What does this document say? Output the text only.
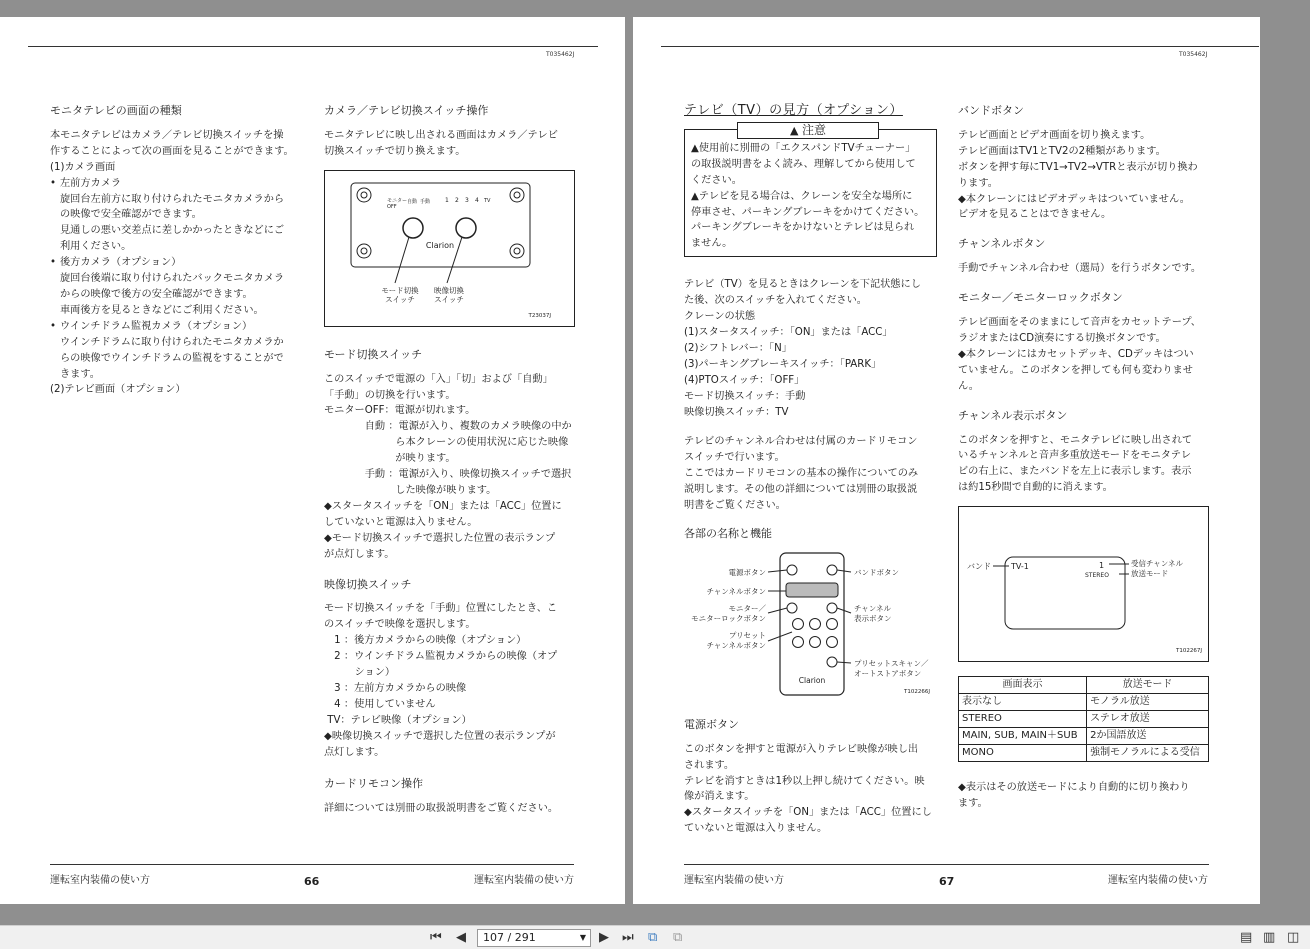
T035462J
モニタテレビの画面の種類

本モニタテレビはカメラ／テレビ切換スイッチを操

作することによって次の画面を見ることができます。

(1)カメラ画面

• 左前方カメラ

旋回台左前方に取り付けられたモニタカメラから

の映像で安全確認ができます。

見通しの悪い交差点に差しかかったときなどにご

利用ください。

• 後方カメラ（オプション）

旋回台後端に取り付けられたバックモニタカメラ

からの映像で後方の安全確認ができます。

車両後方を見るときなどにご利用ください。

• ウインチドラム監視カメラ（オプション）

ウインチドラムに取り付けられたモニタカメラか

らの映像でウインチドラムの監視をすることがで

きます。

(2)テレビ画面（オプション）

カメラ／テレビ切換スイッチ操作

モニタテレビに映し出される画面はカメラ／テレビ

切換スイッチで切り換えます。

モニター
OFF
自動 手動 1 2 3 4 TV
Clarion
モード切換
スイッチ
映像切換
スイッチ
T23037J
モード切換スイッチ

このスイッチで電源の「入」「切」および「自動」

「手動」の切換を行います。

モニターOFF：電源が切れます。

　　　　自動 ：電源が入り、複数のカメラ映像の中か

　　　　　　　ら本クレーンの使用状況に応じた映像

　　　　　　　が映ります。

　　　　手動 ：電源が入り、映像切換スイッチで選択

　　　　　　　した映像が映ります。

◆スタータスイッチを「ON」または「ACC」位置に

していないと電源は入りません。

◆モード切換スイッチで選択した位置の表示ランプ

が点灯します。

映像切換スイッチ

モード切換スイッチを「手動」位置にしたとき、こ

のスイッチで映像を選択します。

　1 ：後方カメラからの映像（オプション）

　2 ：ウインチドラム監視カメラからの映像（オプ

　　　ション）

　3 ：左前方カメラからの映像

　4 ：使用していません

TV：テレビ映像（オプション）

◆映像切換スイッチで選択した位置の表示ランプが

点灯します。

カードリモコン操作

詳細については別冊の取扱説明書をご覧ください。

運転室内装備の使い方	66	運転室内装備の使い方
T035462J
テレビ（TV）の見方（オプション）
▲ 注意

▲使用前に別冊の「エクスパンドTVチューナー」

の取扱説明書をよく読み、理解してから使用して

ください。

▲テレビを見る場合は、クレーンを安全な場所に

停車させ、パーキングブレーキをかけてください。

パーキングブレーキをかけないとテレビは見られ

ません。

テレビ（TV）を見るときはクレーンを下記状態にし

た後、次のスイッチを入れてください。

クレーンの状態

(1)スタータスイッチ：「ON」または「ACC」

(2)シフトレバー：「N」

(3)パーキングブレーキスイッチ：「PARK」

(4)PTOスイッチ：「OFF」

モード切換スイッチ：手動

映像切換スイッチ：TV

テレビのチャンネル合わせは付属のカードリモコン

スイッチで行います。

ここではカードリモコンの基本の操作についてのみ

説明します。その他の詳細については別冊の取扱説

明書をご覧ください。

各部の名称と機能
Clarion
電源ボタン
チャンネルボタン
モニター／
モニターロックボタン
プリセット
チャンネルボタン
バンドボタン
チャンネル
表示ボタン
プリセットスキャン／
オートストアボタン
T102266J
電源ボタン

このボタンを押すと電源が入りテレビ映像が映し出

されます。

テレビを消すときは1秒以上押し続けてください。映

像が消えます。

◆スタータスイッチを「ON」または「ACC」位置にし

ていないと電源は入りません。

バンドボタン

テレビ画面とビデオ画面を切り換えます。

テレビ画面はTV1とTV2の2種類があります。

ボタンを押す毎にTV1→TV2→VTRと表示が切り換わ

ります。

◆本クレーンにはビデオデッキはついていません。

ビデオを見ることはできません。

チャンネルボタン

手動でチャンネル合わせ（選局）を行うボタンです。

モニター／モニターロックボタン

テレビ画面をそのままにして音声をカセットテープ、

ラジオまたはCD演奏にする切換ボタンです。

◆本クレーンにはカセットデッキ、CDデッキはつい

ていません。このボタンを押しても何も変わりませ

ん。

チャンネル表示ボタン

このボタンを押すと、モニタテレビに映し出されて

いるチャンネルと音声多重放送モードをモニタテレ

ビの右上に、またバンドを左上に表示します。表示

は約15秒間で自動的に消えます。

バンド	TV-1	1
STEREO
受信チャンネル
放送モード
T102267J
画面表示	放送モード
表示なし	モノラル放送
STEREO	ステレオ放送
MAIN, SUB, MAIN＋SUB	2か国語放送
MONO	強制モノラルによる受信

◆表示はその放送モードにより自動的に切り換わり

ます。

運転室内装備の使い方	67	運転室内装備の使い方
⏮ ◀	107 / 291	▼ ▶ ⏭ ⧉ ⧉	▤ ▥ ◫
